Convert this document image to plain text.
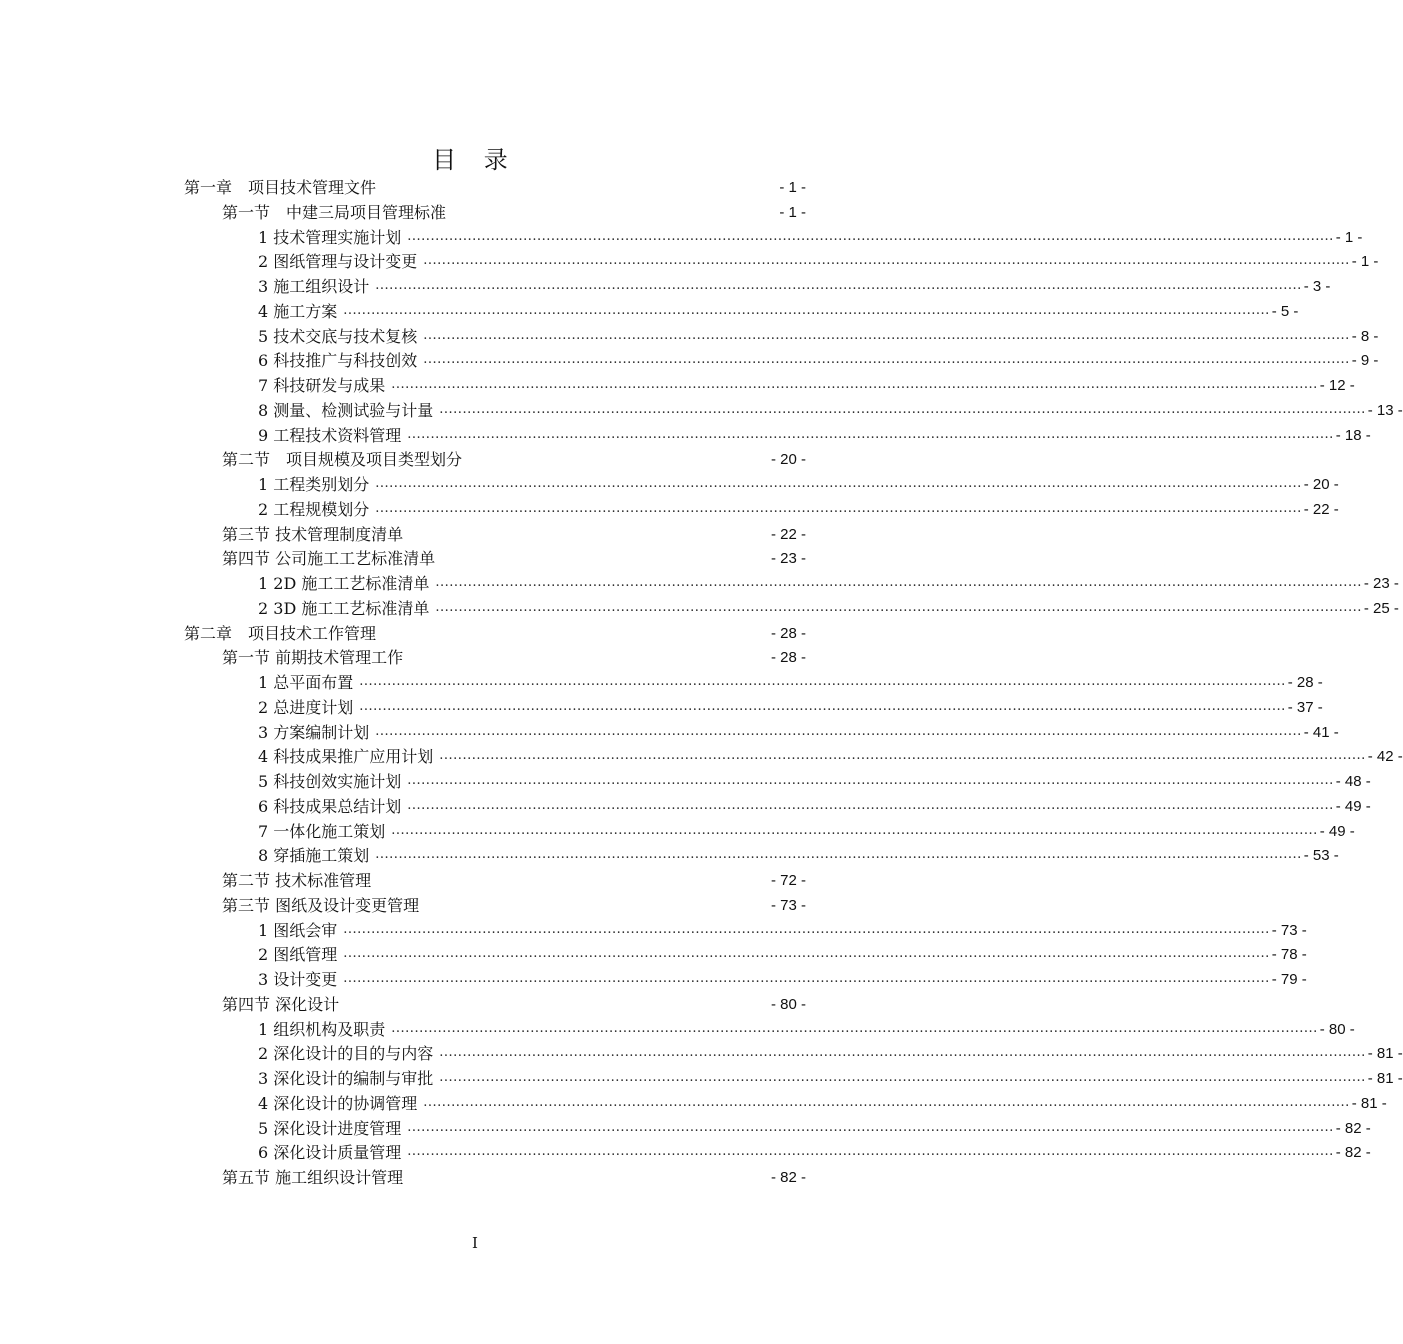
目 录
第一章　项目技术管理文件	- 1 -
第一节　中建三局项目管理标准	- 1 -
1 技术管理实施计划 ........................................................................................................................................................................................................ - 1 -
2 图纸管理与设计变更 ........................................................................................................................................................................................................ - 1 -
3 施工组织设计 ........................................................................................................................................................................................................ - 3 -
4 施工方案 ........................................................................................................................................................................................................ - 5 -
5 技术交底与技术复核 ........................................................................................................................................................................................................ - 8 -
6 科技推广与科技创效 ........................................................................................................................................................................................................ - 9 -
7 科技研发与成果 ........................................................................................................................................................................................................ - 12 -
8 测量、检测试验与计量 ........................................................................................................................................................................................................ - 13 -
9 工程技术资料管理 ........................................................................................................................................................................................................ - 18 -
第二节　项目规模及项目类型划分	- 20 -
1 工程类别划分 ........................................................................................................................................................................................................ - 20 -
2 工程规模划分 ........................................................................................................................................................................................................ - 22 -
第三节 技术管理制度清单	- 22 -
第四节 公司施工工艺标准清单	- 23 -
1 2D 施工工艺标准清单 ........................................................................................................................................................................................................ - 23 -
2 3D 施工工艺标准清单 ........................................................................................................................................................................................................ - 25 -
第二章　项目技术工作管理	- 28 -
第一节 前期技术管理工作	- 28 -
1 总平面布置 ........................................................................................................................................................................................................ - 28 -
2 总进度计划 ........................................................................................................................................................................................................ - 37 -
3 方案编制计划 ........................................................................................................................................................................................................ - 41 -
4 科技成果推广应用计划 ........................................................................................................................................................................................................ - 42 -
5 科技创效实施计划 ........................................................................................................................................................................................................ - 48 -
6 科技成果总结计划 ........................................................................................................................................................................................................ - 49 -
7 一体化施工策划 ........................................................................................................................................................................................................ - 49 -
8 穿插施工策划 ........................................................................................................................................................................................................ - 53 -
第二节 技术标准管理	- 72 -
第三节 图纸及设计变更管理	- 73 -
1 图纸会审 ........................................................................................................................................................................................................ - 73 -
2 图纸管理 ........................................................................................................................................................................................................ - 78 -
3 设计变更 ........................................................................................................................................................................................................ - 79 -
第四节 深化设计	- 80 -
1 组织机构及职责 ........................................................................................................................................................................................................ - 80 -
2 深化设计的目的与内容 ........................................................................................................................................................................................................ - 81 -
3 深化设计的编制与审批 ........................................................................................................................................................................................................ - 81 -
4 深化设计的协调管理 ........................................................................................................................................................................................................ - 81 -
5 深化设计进度管理 ........................................................................................................................................................................................................ - 82 -
6 深化设计质量管理 ........................................................................................................................................................................................................ - 82 -
第五节 施工组织设计管理	- 82 -
I
